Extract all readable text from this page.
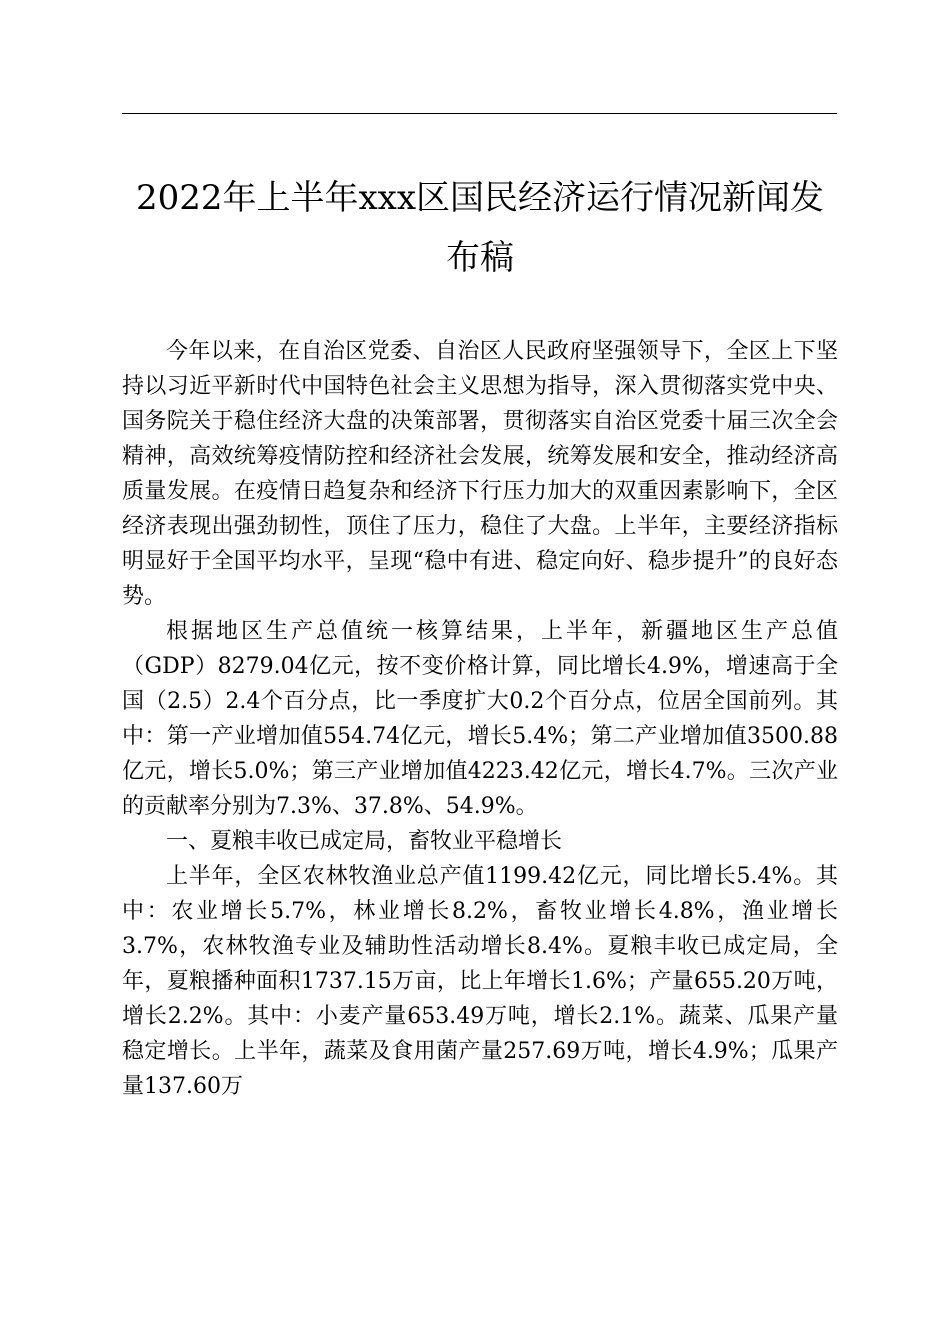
2022年上半年xxx区国民经济运行情况新闻发
布稿

今年以来，在自治区党委、自治区人民政府坚强领导下，全区上下坚持以习近平新时代中国特色社会主义思想为指导，深入贯彻落实党中央、国务院关于稳住经济大盘的决策部署，贯彻落实自治区党委十届三次全会精神，高效统筹疫情防控和经济社会发展，统筹发展和安全，推动经济高质量发展。在疫情日趋复杂和经济下行压力加大的双重因素影响下，全区经济表现出强劲韧性，顶住了压力，稳住了大盘。上半年，主要经济指标明显好于全国平均水平，呈现“稳中有进、稳定向好、稳步提升”的良好态势。

根据地区生产总值统一核算结果，上半年，新疆地区生产总值（GDP）8279.04亿元，按不变价格计算，同比增长4.9%，增速高于全国（2.5）2.4个百分点，比一季度扩大0.2个百分点，位居全国前列。其中：第一产业增加值554.74亿元，增长5.4%；第二产业增加值3500.88亿元，增长5.0%；第三产业增加值4223.42亿元，增长4.7%。三次产业的贡献率分别为7.3%、37.8%、54.9%。

一、夏粮丰收已成定局，畜牧业平稳增长

上半年，全区农林牧渔业总产值1199.42亿元，同比增长5.4%。其中：农业增长5.7%，林业增长8.2%，畜牧业增长4.8%，渔业增长3.7%，农林牧渔专业及辅助性活动增长8.4%。夏粮丰收已成定局，全年，夏粮播种面积1737.15万亩，比上年增长1.6%；产量655.20万吨，增长2.2%。其中：小麦产量653.49万吨，增长2.1%。蔬菜、瓜果产量稳定增长。上半年，蔬菜及食用菌产量257.69万吨，增长4.9%；瓜果产量137.60万
